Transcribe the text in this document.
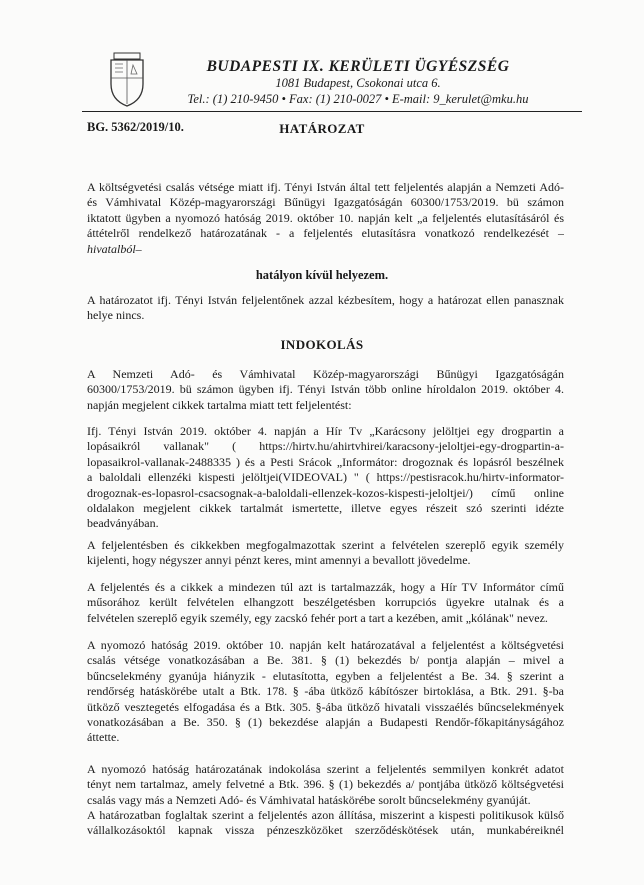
BUDAPESTI IX. KERÜLETI ÜGYÉSZSÉG
1081 Budapest, Csokonai utca 6.
Tel.: (1) 210-9450 • Fax: (1) 210-0027 • E-mail: 9_kerulet@mku.hu
BG. 5362/2019/10.	HATÁROZAT
A költségvetési csalás vétsége miatt ifj. Tényi István által tett feljelentés alapján a Nemzeti Adó-
és Vámhivatal Közép-magyarországi Bűnügyi Igazgatóságán 60300/1753/2019. bü számon
iktatott ügyben a nyomozó hatóság 2019. október 10. napján kelt „a feljelentés elutasításáról és
áttételről rendelkező határozatának - a feljelentés elutasításra vonatkozó rendelkezését –
hivatalból–
hatályon kívül helyezem.
A határozatot ifj. Tényi István feljelentőnek azzal kézbesítem, hogy a határozat ellen panasznak
helye nincs.
INDOKOLÁS
A Nemzeti Adó- és Vámhivatal Közép-magyarországi Bűnügyi Igazgatóságán
60300/1753/2019. bü számon ügyben ifj. Tényi István több online hírоldalon 2019. október 4.
napján megjelent cikkek tartalma miatt tett feljelentést:
Ifj. Tényi István 2019. október 4. napján a Hír Tv „Karácsony jelöltjei egy drogpartin a
lopásaikról vallanak" ( https://hirtv.hu/ahirtvhirei/karacsony-jeloltjei-egy-drogpartin-a-
lopasaikrol-vallanak-2488335 ) és a Pesti Srácok „Informátor: drogoznak és lopásról beszélnek
a baloldali ellenzéki kispesti jelöltjei(VIDEOVAL) " ( https://pestisracok.hu/hirtv-informator-
drogoznak-es-lopasrol-csacsognak-a-baloldali-ellenzek-kozos-kispesti-jeloltjei/) című online
oldalakon megjelent cikkek tartalmát ismertette, illetve egyes részeit szó szerinti idézte
beadványában.
A feljelentésben és cikkekben megfogalmazottak szerint a felvételen szereplő egyik személy
kijelenti, hogy négyszer annyi pénzt keres, mint amennyi a bevallott jövedelme.
A feljelentés és a cikkek a mindezen túl azt is tartalmazzák, hogy a Hír TV Informátor című
műsorához került felvételen elhangzott beszélgetésben korrupciós ügyekre utalnak és a
felvételen szereplő egyik személy, egy zacskó fehér port a tart a kezében, amit „kólának" nevez.
A nyomozó hatóság 2019. október 10. napján kelt határozatával a feljelentést a költségvetési
csalás vétsége vonatkozásában a Be. 381. § (1) bekezdés b/ pontja alapján – mivel a
bűncselekmény gyanúja hiányzik - elutasította, egyben a feljelentést a Be. 34. § szerint a
rendőrség hatáskörébe utalt a Btk. 178. § -ába ütköző kábítószer birtoklása, a Btk. 291. §-ba
ütköző vesztegetés elfogadása és a Btk. 305. §-ába ütköző hivatali visszaélés bűncselekmények
vonatkozásában a Be. 350. § (1) bekezdése alapján a Budapesti Rendőr-főkapitányságához
áttette.
A nyomozó hatóság határozatának indokolása szerint a feljelentés semmilyen konkrét adatot
tényt nem tartalmaz, amely felvetné a Btk. 396. § (1) bekezdés a/ pontjába ütköző költségvetési
csalás vagy más a Nemzeti Adó- és Vámhivatal hatáskörébe sorolt bűncselekmény gyanúját.
A határozatban foglaltak szerint a feljelentés azon állítása, miszerint a kispesti politikusok külső
vállalkozásoktól kapnak vissza pénzeszközöket szerződéskötések után, munkabéreiknél
